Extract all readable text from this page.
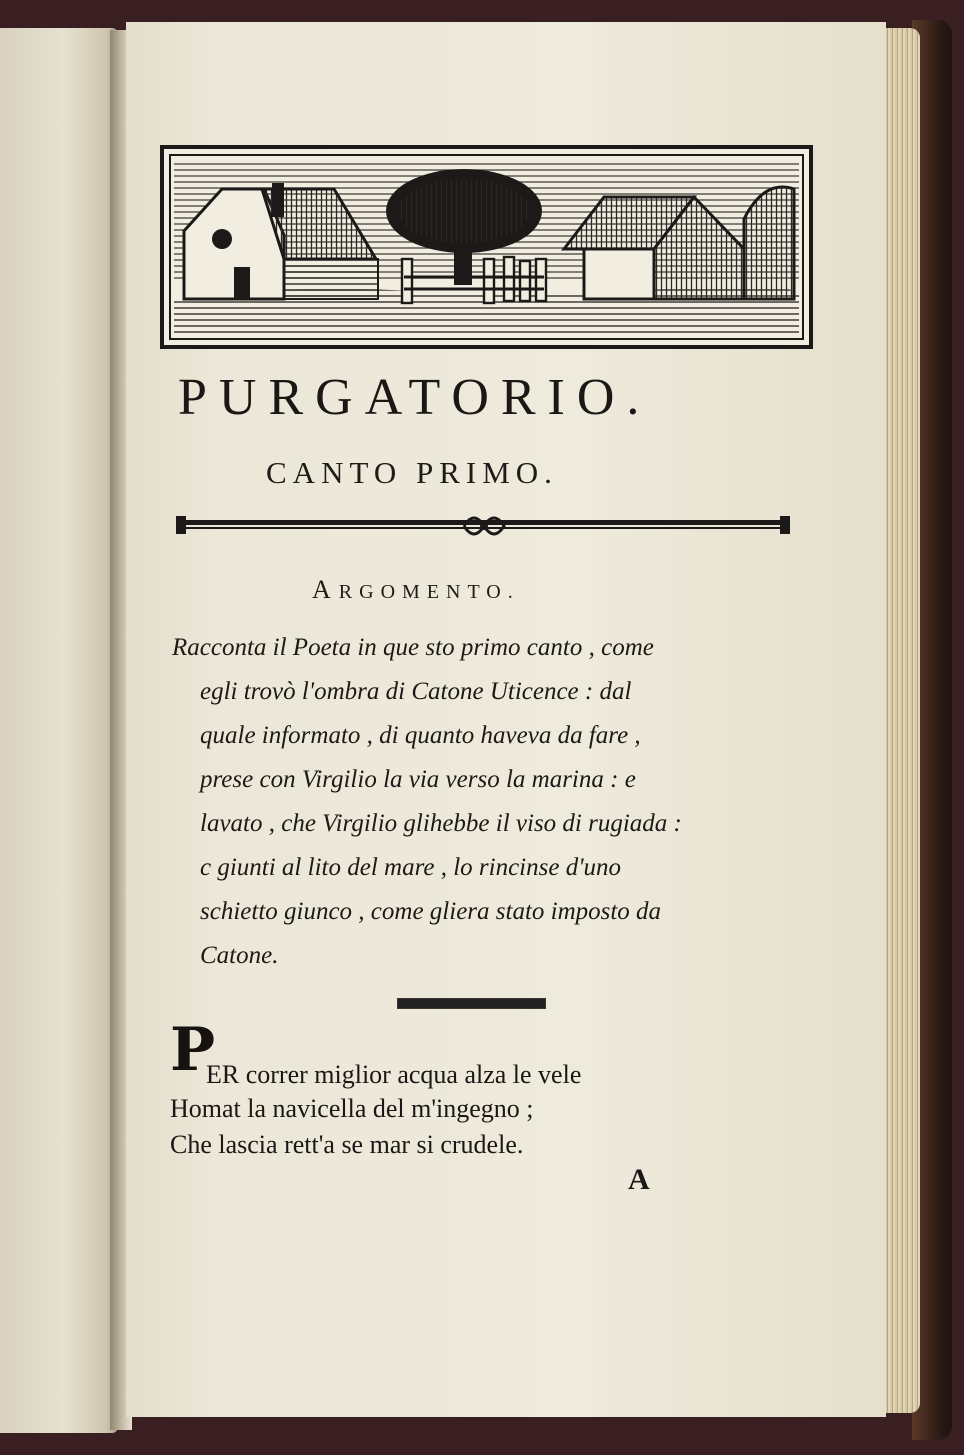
PURGATORIO.
CANTO PRIMO.
ARGOMENTO.
Racconta il Poeta in que sto primo canto , come
egli trovò l'ombra di Catone Uticence : dal
quale informato , di quanto haveva da fare ,
prese con Virgilio la via verso la marina : e
lavato , che Virgilio glihebbe il viso di rugiada :
c giunti al lito del mare , lo rincinse d'uno
schietto giunco , come gliera stato imposto da
Catone.
P
ER correr miglior acqua alza le vele
Homat la navicella del m'ingegno ;
Che lascia rett'a se mar si crudele.
A
